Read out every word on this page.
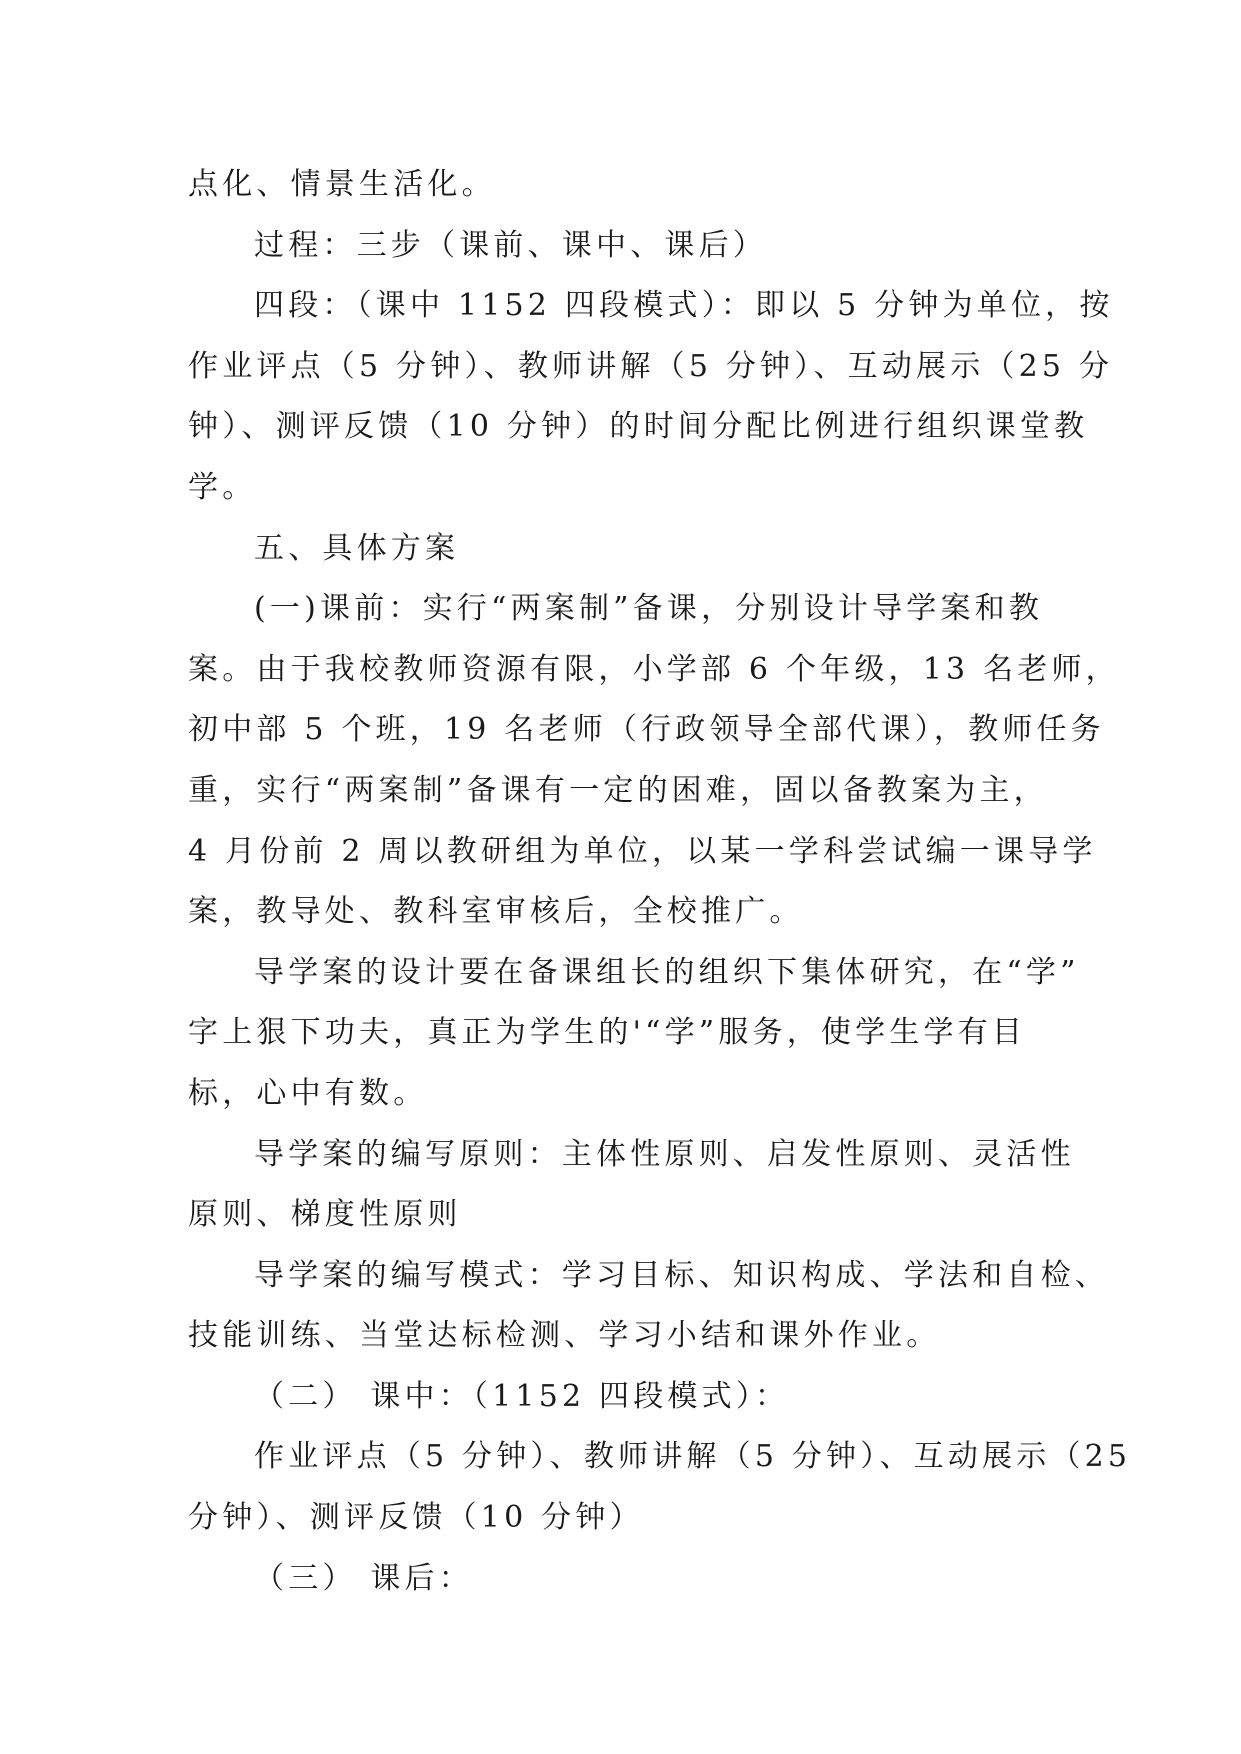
点化、情景生活化。
过程：三步（课前、课中、课后）
四段：（课中 1152 四段模式）：即以 5 分钟为单位，按
作业评点（5 分钟）、教师讲解（5 分钟）、互动展示（25 分
钟）、测评反馈（10 分钟）的时间分配比例进行组织课堂教
学。
五、具体方案
(一)课前：实行“两案制”备课，分别设计导学案和教
案。由于我校教师资源有限，小学部 6 个年级，13 名老师，
初中部 5 个班，19 名老师（行政领导全部代课），教师任务
重，实行“两案制”备课有一定的困难，固以备教案为主，
4 月份前 2 周以教研组为单位，以某一学科尝试编一课导学
案，教导处、教科室审核后，全校推广。
导学案的设计要在备课组长的组织下集体研究，在“学”
字上狠下功夫，真正为学生的'“学”服务，使学生学有目
标，心中有数。
导学案的编写原则：主体性原则、启发性原则、灵活性
原则、梯度性原则
导学案的编写模式：学习目标、知识构成、学法和自检、
技能训练、当堂达标检测、学习小结和课外作业。
（二） 课中：（1152 四段模式）：
作业评点（5 分钟）、教师讲解（5 分钟）、互动展示（25
分钟）、测评反馈（10 分钟）
（三） 课后：
